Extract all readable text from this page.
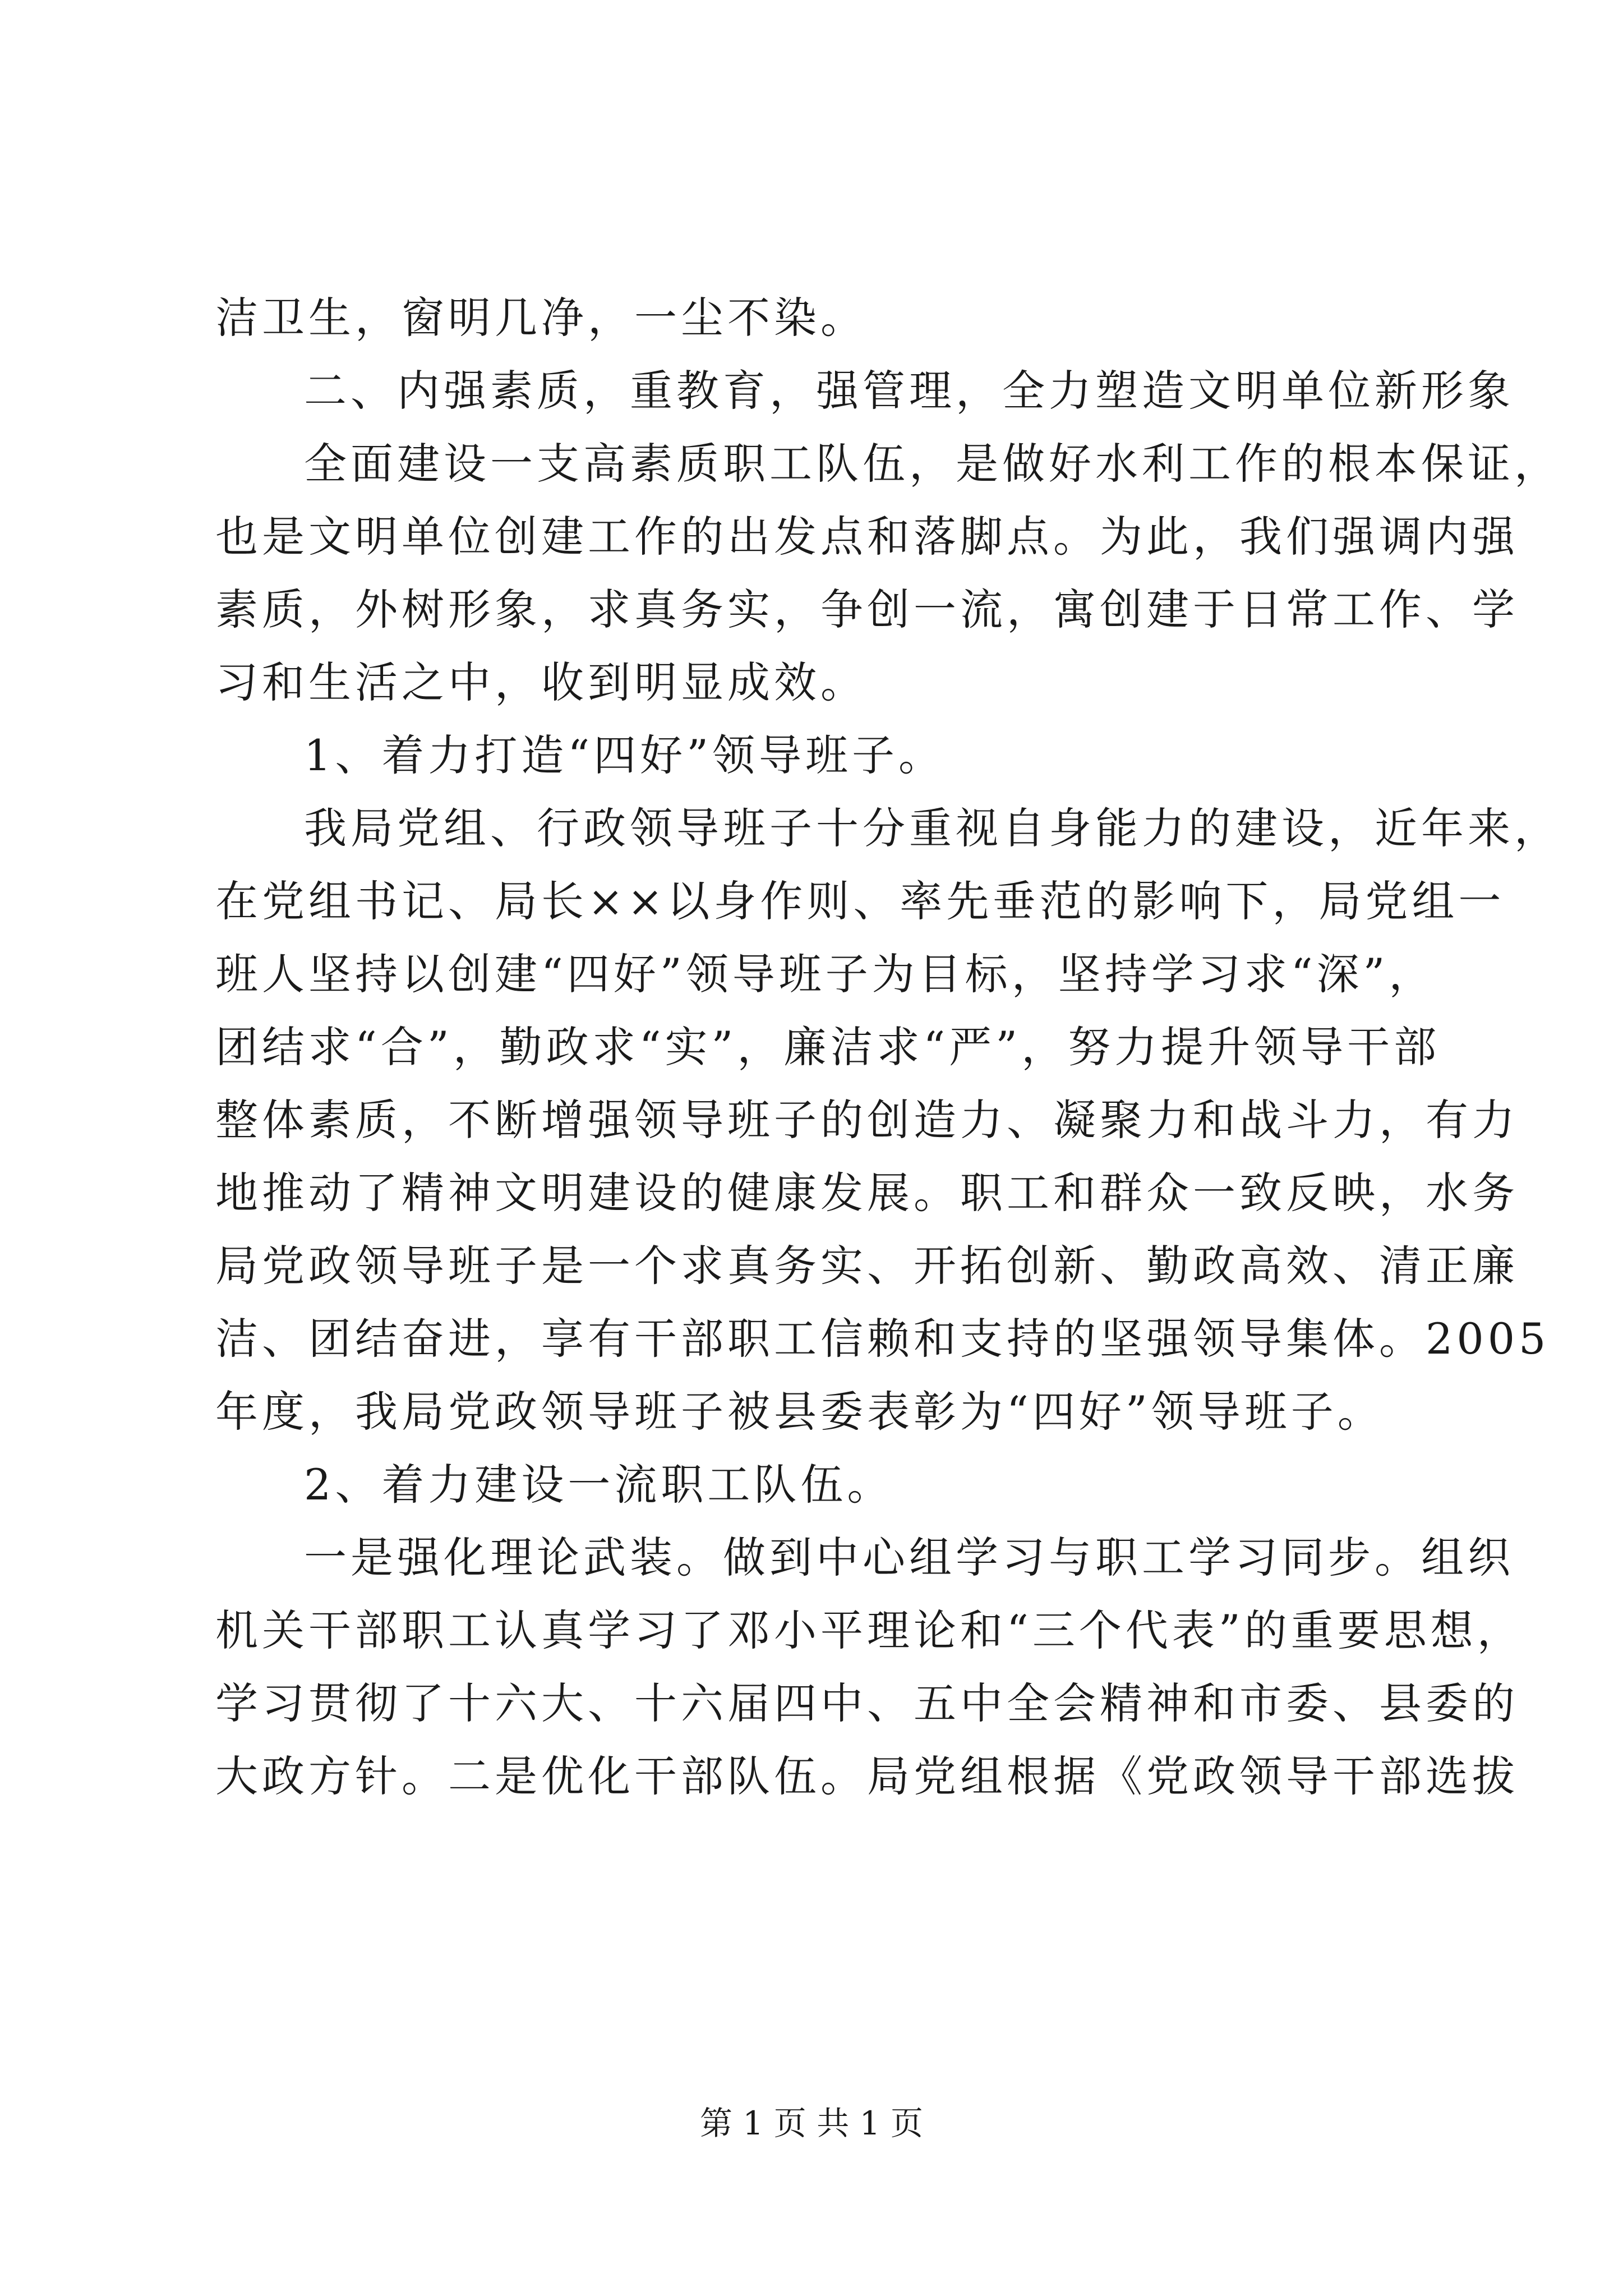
洁卫生，窗明几净，一尘不染。
二、内强素质，重教育，强管理，全力塑造文明单位新形象
全面建设一支高素质职工队伍，是做好水利工作的根本保证，
也是文明单位创建工作的出发点和落脚点。为此，我们强调内强
素质，外树形象，求真务实，争创一流，寓创建于日常工作、学
习和生活之中，收到明显成效。
1、着力打造“四好”领导班子。
我局党组、行政领导班子十分重视自身能力的建设，近年来，
在党组书记、局长××以身作则、率先垂范的影响下，局党组一
班人坚持以创建“四好”领导班子为目标，坚持学习求“深”，
团结求“合”，勤政求“实”，廉洁求“严”，努力提升领导干部
整体素质，不断增强领导班子的创造力、凝聚力和战斗力，有力
地推动了精神文明建设的健康发展。职工和群众一致反映，水务
局党政领导班子是一个求真务实、开拓创新、勤政高效、清正廉
洁、团结奋进，享有干部职工信赖和支持的坚强领导集体。2005
年度，我局党政领导班子被县委表彰为“四好”领导班子。
2、着力建设一流职工队伍。
一是强化理论武装。做到中心组学习与职工学习同步。组织
机关干部职工认真学习了邓小平理论和“三个代表”的重要思想，
学习贯彻了十六大、十六届四中、五中全会精神和市委、县委的
大政方针。二是优化干部队伍。局党组根据《党政领导干部选拔
第 1 页 共 1 页
